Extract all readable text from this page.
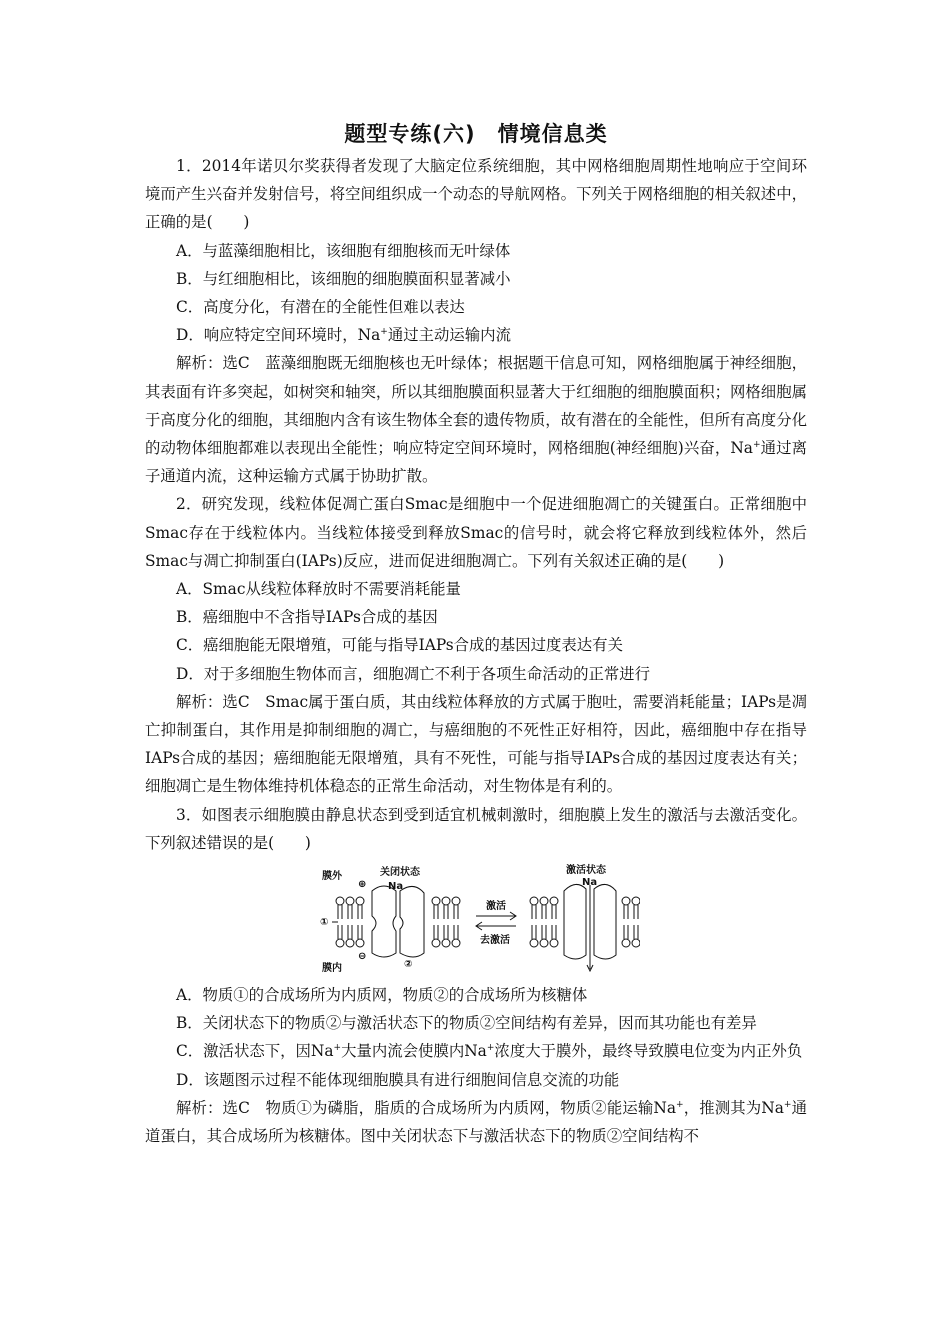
题型专练(六)　情境信息类

1．2014年诺贝尔奖获得者发现了大脑定位系统细胞，其中网格细胞周期性地响应于空间环境而产生兴奋并发射信号，将空间组织成一个动态的导航网格。下列关于网格细胞的相关叙述中，正确的是(　　)

A．与蓝藻细胞相比，该细胞有细胞核而无叶绿体

B．与红细胞相比，该细胞的细胞膜面积显著减小

C．高度分化，有潜在的全能性但难以表达

D．响应特定空间环境时，Na+通过主动运输内流

解析：选C　蓝藻细胞既无细胞核也无叶绿体；根据题干信息可知，网格细胞属于神经细胞，其表面有许多突起，如树突和轴突，所以其细胞膜面积显著大于红细胞的细胞膜面积；网格细胞属于高度分化的细胞，其细胞内含有该生物体全套的遗传物质，故有潜在的全能性，但所有高度分化的动物体细胞都难以表现出全能性；响应特定空间环境时，网格细胞(神经细胞)兴奋，Na+通过离子通道内流，这种运输方式属于协助扩散。

2．研究发现，线粒体促凋亡蛋白Smac是细胞中一个促进细胞凋亡的关键蛋白。正常细胞中Smac存在于线粒体内。当线粒体接受到释放Smac的信号时，就会将它释放到线粒体外，然后Smac与凋亡抑制蛋白(IAPs)反应，进而促进细胞凋亡。下列有关叙述正确的是(　　)

A．Smac从线粒体释放时不需要消耗能量

B．癌细胞中不含指导IAPs合成的基因

C．癌细胞能无限增殖，可能与指导IAPs合成的基因过度表达有关

D．对于多细胞生物体而言，细胞凋亡不利于各项生命活动的正常进行

解析：选C　Smac属于蛋白质，其由线粒体释放的方式属于胞吐，需要消耗能量；IAPs是凋亡抑制蛋白，其作用是抑制细胞的凋亡，与癌细胞的不死性正好相符，因此，癌细胞中存在指导IAPs合成的基因；癌细胞能无限增殖，具有不死性，可能与指导IAPs合成的基因过度表达有关；细胞凋亡是生物体维持机体稳态的正常生命活动，对生物体是有利的。

3．如图表示细胞膜由静息状态到受到适宜机械刺激时，细胞膜上发生的激活与去激活变化。下列叙述错误的是(　　)

膜外
膜内
关闭状态
Na
⊕
⊖
①
②
激活
去激活
激活状态
Na

A．物质①的合成场所为内质网，物质②的合成场所为核糖体

B．关闭状态下的物质②与激活状态下的物质②空间结构有差异，因而其功能也有差异

C．激活状态下，因Na+大量内流会使膜内Na+浓度大于膜外，最终导致膜电位变为内正外负

D．该题图示过程不能体现细胞膜具有进行细胞间信息交流的功能

解析：选C　物质①为磷脂，脂质的合成场所为内质网，物质②能运输Na+，推测其为Na+通道蛋白，其合成场所为核糖体。图中关闭状态下与激活状态下的物质②空间结构不
